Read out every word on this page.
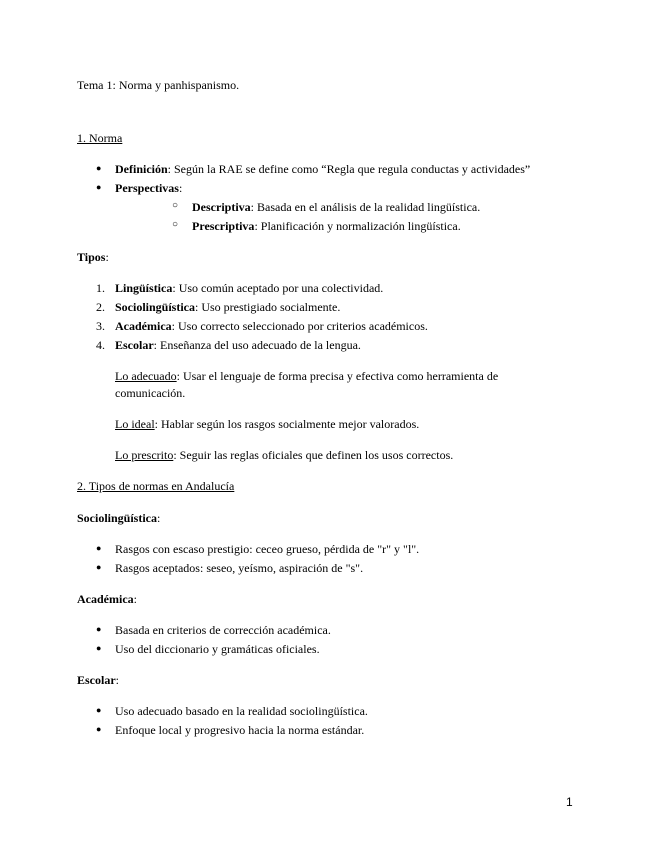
Tema 1: Norma y panhispanismo.

1. Norma

● Definición: Según la RAE se define como “Regla que regula conductas y actividades”
● Perspectivas:
○ Descriptiva: Basada en el análisis de la realidad lingüística.
○ Prescriptiva: Planificación y normalización lingüística.

Tipos:

1. Lingüística: Uso común aceptado por una colectividad.
2. Sociolingüística: Uso prestigiado socialmente.
3. Académica: Uso correcto seleccionado por criterios académicos.
4. Escolar: Enseñanza del uso adecuado de la lengua.

Lo adecuado: Usar el lenguaje de forma precisa y efectiva como herramienta de comunicación.

Lo ideal: Hablar según los rasgos socialmente mejor valorados.

Lo prescrito: Seguir las reglas oficiales que definen los usos correctos.

2. Tipos de normas en Andalucía

Sociolingüística:

● Rasgos con escaso prestigio: ceceo grueso, pérdida de "r" y "l".
● Rasgos aceptados: seseo, yeísmo, aspiración de "s".

Académica:

● Basada en criterios de corrección académica.
● Uso del diccionario y gramáticas oficiales.

Escolar:

● Uso adecuado basado en la realidad sociolingüística.
● Enfoque local y progresivo hacia la norma estándar.
1
